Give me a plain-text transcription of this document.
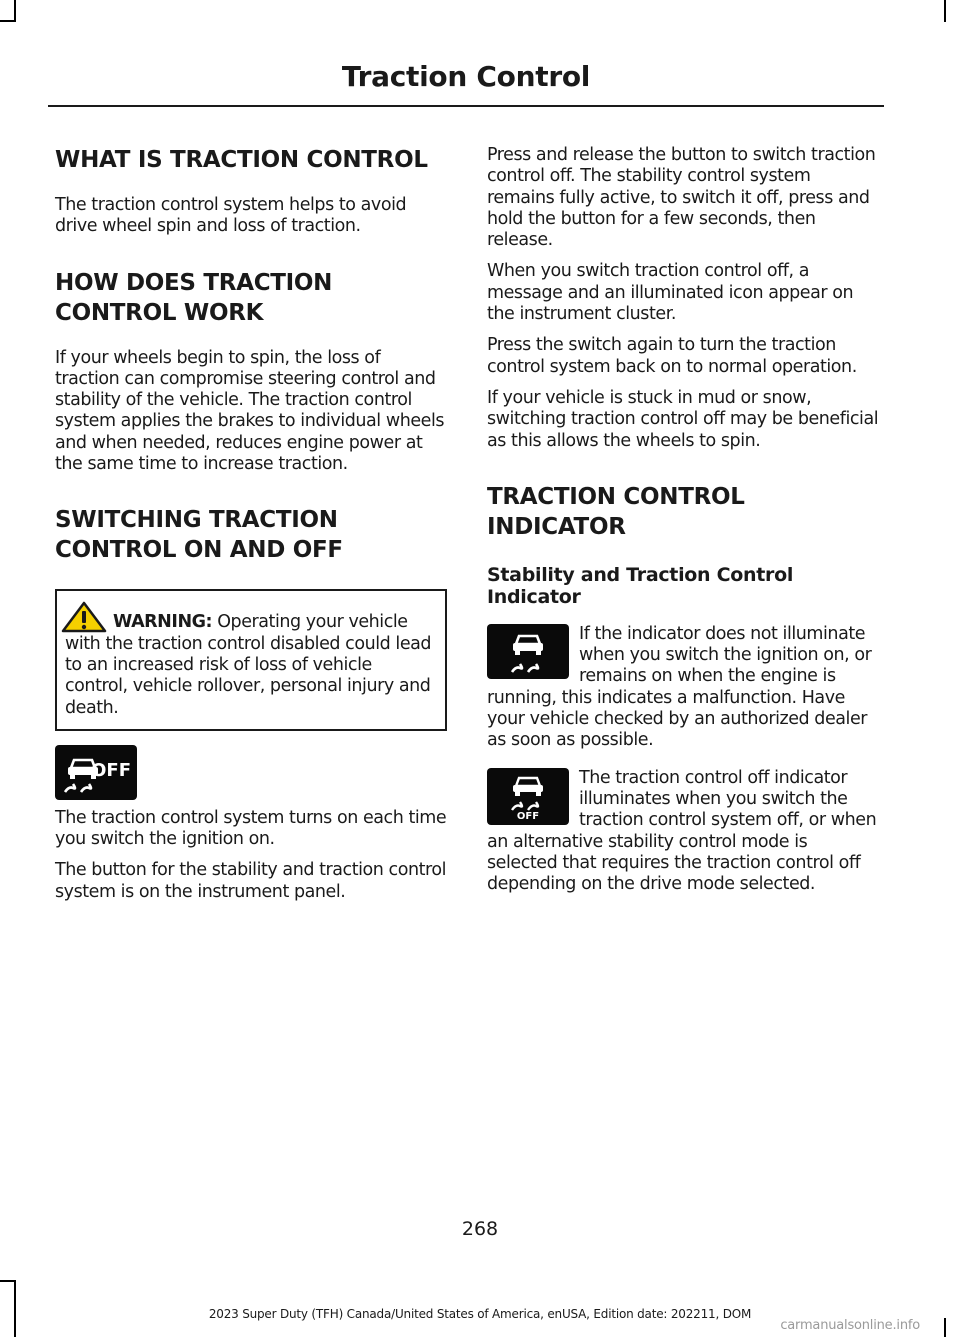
Traction Control
WHAT IS TRACTION CONTROL

The traction control system helps to avoid drive wheel spin and loss of traction.

HOW DOES TRACTION
CONTROL WORK

If your wheels begin to spin, the loss of traction can compromise steering control and stability of the vehicle. The traction control system applies the brakes to individual wheels and when needed, reduces engine power at the same time to increase traction.

SWITCHING TRACTION
CONTROL ON AND OFF

WARNING: Operating your vehicle with the traction control disabled could lead to an increased risk of loss of vehicle control, vehicle rollover, personal injury and death.

OFF

The traction control system turns on each time you switch the ignition on.

The button for the stability and traction control system is on the instrument panel.

Press and release the button to switch traction control off. The stability control system remains fully active, to switch it off, press and hold the button for a few seconds, then release.

When you switch traction control off, a message and an illuminated icon appear on the instrument cluster.

Press the switch again to turn the traction control system back on to normal operation.

If your vehicle is stuck in mud or snow, switching traction control off may be beneficial as this allows the wheels to spin.

TRACTION CONTROL
INDICATOR
Stability and Traction Control Indicator

If the indicator does not illuminate when you switch the ignition on, or remains on when the engine is running, this indicates a malfunction. Have your vehicle checked by an authorized dealer as soon as possible.

OFF

The traction control off indicator illuminates when you switch the traction control system off, or when an alternative stability control mode is selected that requires the traction control off depending on the drive mode selected.

268
2023 Super Duty (TFH) Canada/United States of America, enUSA, Edition date: 202211, DOM
carmanualsonline.info
